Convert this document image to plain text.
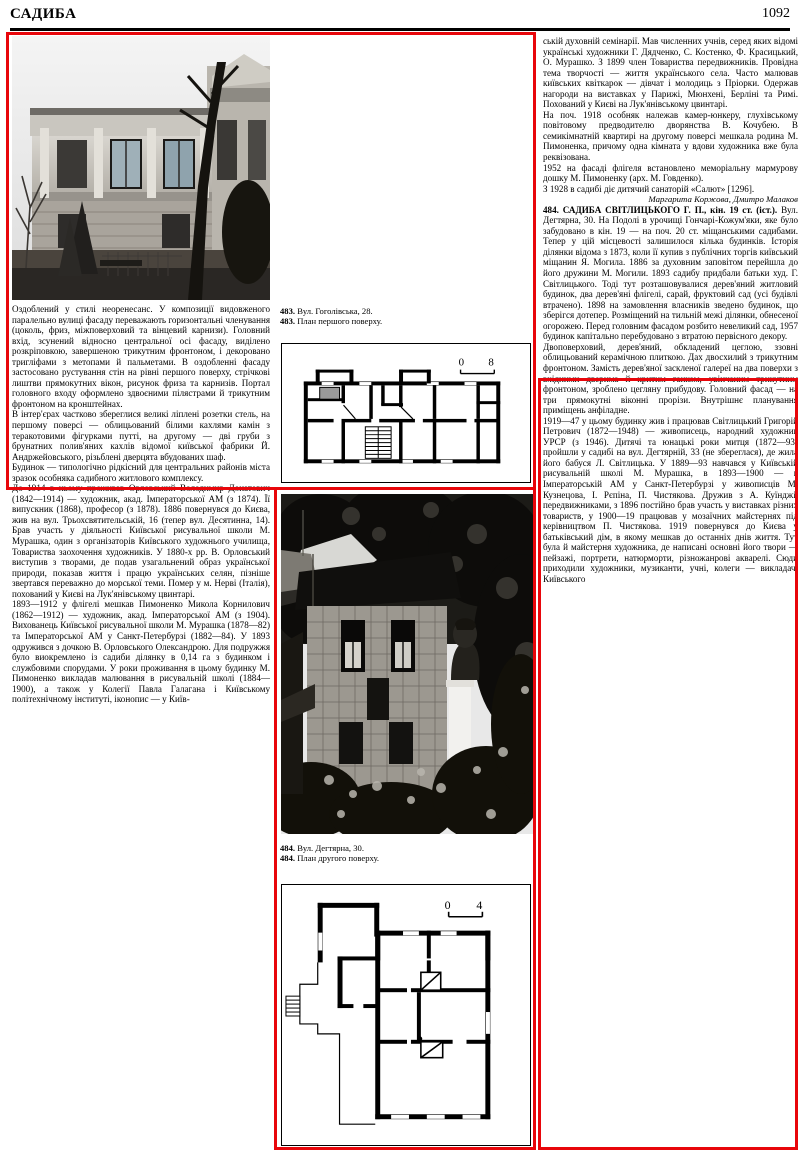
САДИБА	1092

Оздоблений у стилі неоренесанс. У композиції видовженого паралельно вулиці фасаду переважають горизонтальні членування (цоколь, фриз, міжповерховий та вінцевий карнизи). Головний вхід, зсунений відносно центральної осі фасаду, виділено розкріповкою, завершеною трикутним фронтоном, і декоровано тригліфами з метопами й пальметами. В оздобленні фасаду застосовано рустування стін на рівні першого поверху, стрічкові лиштви прямокутних вікон, рисунок фриза та карнизів. Портал головного входу оформлено здвоєними пілястрами й трикутним фронтоном на кронштейнах.

В інтер'єрах частково збереглися великі ліплені розетки стель, на першому поверсі — облицьований білими кахлями камін з теракотовими фігурками путті, на другому — дві груби з брунатних полив'яних кахлів відомої київської фабрики Й. Андржейовського, різьблені дверцята вбудованих шаф.

Будинок — типологічно рідкісний для центральних районів міста зразок особняка садибного житлового комплексу.

До 1914 в ньому проживав Орловський Володимир Донатович (1842—1914) — художник, акад. Імператорської АМ (з 1874). Її випускник (1868), професор (з 1878). 1886 повернувся до Києва, жив на вул. Трьохсвятительській, 16 (тепер вул. Десятинна, 14). Брав участь у діяльності Київської рисувальної школи М. Мурашка, один з організаторів Київського художнього училища, Товариства заохочення художників. У 1880-х рр. В. Орловський виступив з творами, де подав узагальнений образ української природи, показав життя і працю українських селян, пізніше звертався переважно до морської теми. Помер у м. Нерві (Італія), похований у Києві на Лук'янівському цвинтарі.

1893—1912 у флігелі мешкав Пимоненко Микола Корнилович (1862—1912) — художник, акад. Імператорської АМ (з 1904). Вихованець Київської рисувальної школи М. Мурашка (1878—82) та Імператорської АМ у Санкт-Петербурзі (1882—84). У 1893 одружився з дочкою В. Орловського Олександрою. Для подружжя було виокремлено із садиби ділянку в 0,14 га з будинком і службовими спорудами. У роки проживання в цьому будинку М. Пимоненко викладав малювання в рисувальній школі (1884—1900), а також у Колегії Павла Галагана і Київському політехнічному інституті, іконопис — у Київ-

483. Вул. Гоголівська, 28.

483. План першого поверху.

0 8

484. Вул. Дегтярна, 30.

484. План другого поверху.

0 4

ській духовній семінарії. Мав численних учнів, серед яких відомі українські художники Г. Дядченко, С. Костенко, Ф. Красицький, О. Мурашко. З 1899 член Товариства передвижників. Провідна тема творчості — життя українського села. Часто малював київських квіткарок — дівчат і молодиць з Пріорки. Одержав нагороди на виставках у Парижі, Мюнхені, Берліні та Римі. Похований у Києві на Лук'янівському цвинтарі.

На поч. 1918 особняк належав камер-юнкеру, глухівському повітовому предводителю дворянства В. Кочубею. В семикімнатній квартирі на другому поверсі мешкала родина М. Пимоненка, причому одна кімната у вдови художника вже була реквізована.

1952 на фасаді флігеля встановлено меморіальну мармурову дошку М. Пимоненку (арх. М. Говденко).

З 1928 в садибі діє дитячий санаторій «Салют» [1296].

Маргарита Коржова, Дмитро Малаков

484. САДИБА СВІТЛИЦЬКОГО Г. П., кін. 19 ст. (іст.). Вул. Дегтярна, 30. На Подолі в урочищі Гончарі-Кожум'яки, яке було забудовано в кін. 19 — на поч. 20 ст. міщанськими садибами. Тепер у цій місцевості залишилося кілька будинків. Історія ділянки відома з 1873, коли її купив з публічних торгів київський міщанин Я. Могила. 1886 за духовним заповітом перейшла до його дружини М. Могили. 1893 садибу придбали батьки худ. Г. Світлицького. Тоді тут розташовувалися дерев'яний житловий будинок, два дерев'яні флігелі, сарай, фруктовий сад (усі будівлі втрачено). 1898 на замовлення власників зведено будинок, що зберігся дотепер. Розміщений на тильній межі ділянки, обнесеної огорожею. Перед головним фасадом розбито невеликий сад, 1957 будинок капітально перебудовано з втратою первісного декору.

Двоповерховий, дерев'яний, обкладений цеглою, ззовні облицьований керамічною плиткою. Дах двосхилий з трикутним фронтоном. Замість дерев'яної заскленої галереї на два поверхи з вхідними дверима й критим ганком, увінчаним трикутним фронтоном, зроблено цегляну прибудову. Головний фасад — на три прямокутні віконні прорізи. Внутрішнє планування приміщень анфіладне.

1919—47 у цьому будинку жив і працював Світлицький Григорій Петрович (1872—1948) — живописець, народний художник УРСР (з 1946). Дитячі та юнацькі роки митця (1872—93) пройшли у садибі на вул. Дегтярній, 33 (не збереглася), де жила його бабуся Л. Світлицька. У 1889—93 навчався у Київській рисувальній школі М. Мурашка, в 1893—1900 — в Імператорській АМ у Санкт-Петербурзі у живописців М. Кузнецова, І. Рєпіна, П. Чистякова. Дружив з А. Куїнджі, передвижниками, з 1896 постійно брав участь у виставках різних товариств, у 1900—19 працював у мозаїчних майстернях під керівництвом П. Чистякова. 1919 повернувся до Києва у батьківський дім, в якому мешкав до останніх днів життя. Тут була й майстерня художника, де написані основні його твори — пейзажі, портрети, натюрморти, різножанрові акварелі. Сюди приходили художники, музиканти, учні, колеги — викладачі Київського
